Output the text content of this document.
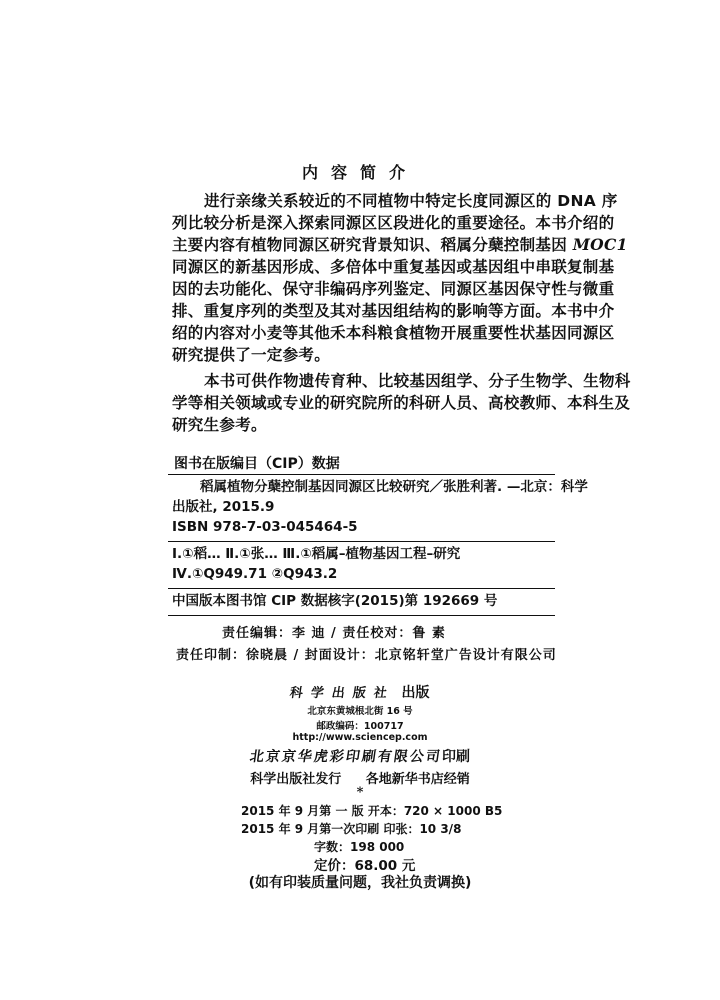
内容简介
进行亲缘关系较近的不同植物中特定长度同源区的 DNA 序
列比较分析是深入探索同源区区段进化的重要途径。本书介绍的
主要内容有植物同源区研究背景知识、稻属分蘖控制基因 MOC1
同源区的新基因形成、多倍体中重复基因或基因组中串联复制基
因的去功能化、保守非编码序列鉴定、同源区基因保守性与微重
排、重复序列的类型及其对基因组结构的影响等方面。本书中介
绍的内容对小麦等其他禾本科粮食植物开展重要性状基因同源区
研究提供了一定参考。
本书可供作物遗传育种、比较基因组学、分子生物学、生物科
学等相关领域或专业的研究院所的科研人员、高校教师、本科生及
研究生参考。
图书在版编目（CIP）数据
稻属植物分蘖控制基因同源区比较研究／张胜利著. —北京：科学
出版社, 2015.9
ISBN 978-7-03-045464-5
Ⅰ.①稻… Ⅱ.①张… Ⅲ.①稻属–植物基因工程–研究
Ⅳ.①Q949.71 ②Q943.2
中国版本图书馆 CIP 数据核字(2015)第 192669 号
责任编辑：李 迪 / 责任校对：鲁 素
责任印制：徐晓晨 / 封面设计：北京铭轩堂广告设计有限公司
科学出版社 出版
北京东黄城根北街 16 号
邮政编码：100717
http://www.sciencep.com
北京京华虎彩印刷有限公司印刷
科学出版社发行 各地新华书店经销
*
2015 年 9 月第 一 版 开本：720 × 1000 B5
2015 年 9 月第一次印刷 印张：10 3/8
字数：198 000
定价：68.00 元
(如有印装质量问题，我社负责调换)
